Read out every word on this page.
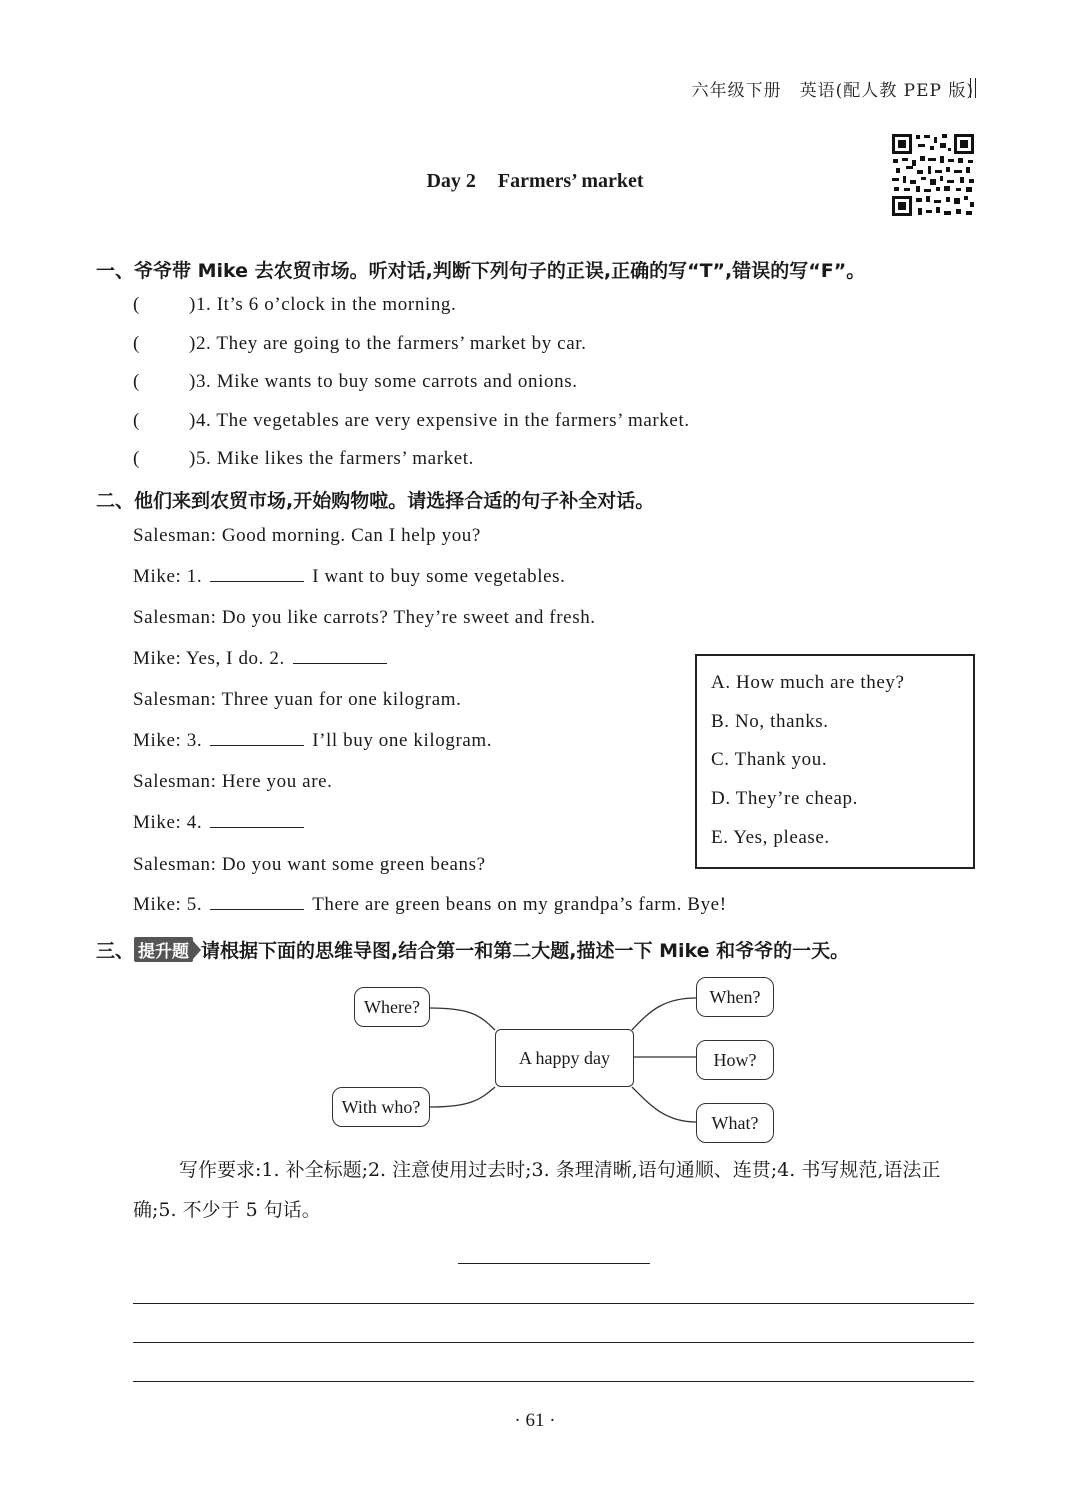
六年级下册　英语(配人教 PEP 版)
Day 2 Farmers’ market
一、爷爷带 Mike 去农贸市场。听对话,判断下列句子的正误,正确的写“T”,错误的写“F”。
(	)1. It’s 6 o’clock in the morning.
(	)2. They are going to the farmers’ market by car.
(	)3. Mike wants to buy some carrots and onions.
(	)4. The vegetables are very expensive in the farmers’ market.
(	)5. Mike likes the farmers’ market.
二、他们来到农贸市场,开始购物啦。请选择合适的句子补全对话。
Salesman: Good morning. Can I help you?
Mike: 1.	I want to buy some vegetables.
Salesman: Do you like carrots? They’re sweet and fresh.
Mike: Yes, I do. 2.
Salesman: Three yuan for one kilogram.
Mike: 3.	I’ll buy one kilogram.
Salesman: Here you are.
Mike: 4.
Salesman: Do you want some green beans?
Mike: 5.	There are green beans on my grandpa’s farm. Bye!
A. How much are they?
B. No, thanks.
C. Thank you.
D. They’re cheap.
E. Yes, please.
三、 提升题 请根据下面的思维导图,结合第一和第二大题,描述一下 Mike 和爷爷的一天。
Where?
With who?
A happy day
When?
How?
What?
写作要求:1. 补全标题;2. 注意使用过去时;3. 条理清晰,语句通顺、连贯;4. 书写规范,语法正确;5. 不少于 5 句话。
· 61 ·
